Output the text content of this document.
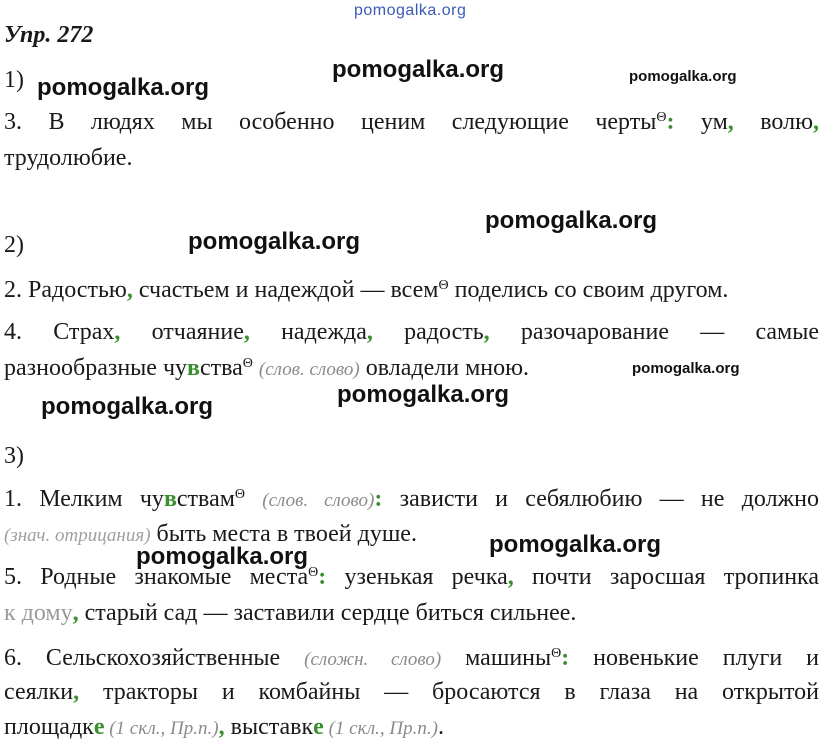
pomogalka.org
Упр. 272
1) pomogalka.org
pomogalka.org	pomogalka.org
3. В людях мы особенно ценим следующие черты$^\Theta$: ум, волю,
трудолюбие.
pomogalka.org
2)	pomogalka.org
2. Радостью, счастьем и надеждой — всем$^\Theta$ поделись со своим другом.
4. Страх, отчаяние, надежда, радость, разочарование — самые
разнообразные чувства$^\Theta$ (слов. слово) овладели мною.	pomogalka.org
pomogalka.org
pomogalka.org
3)
1. Мелким чувствам$^\Theta$ (слов. слово): зависти и себялюбию — не должно
(знач. отрицания) быть места в твоей душе.	pomogalka.org
pomogalka.org
5. Родные знакомые места$^\Theta$: узенькая речка, почти заросшая тропинка
к дому, старый сад — заставили сердце биться сильнее.
6. Сельскохозяйственные (сложн. слово) машины$^\Theta$: новенькие плуги и
сеялки, тракторы и комбайны — бросаются в глаза на открытой
площадке (1 скл., Пр.п.), выставке (1 скл., Пр.п.).
